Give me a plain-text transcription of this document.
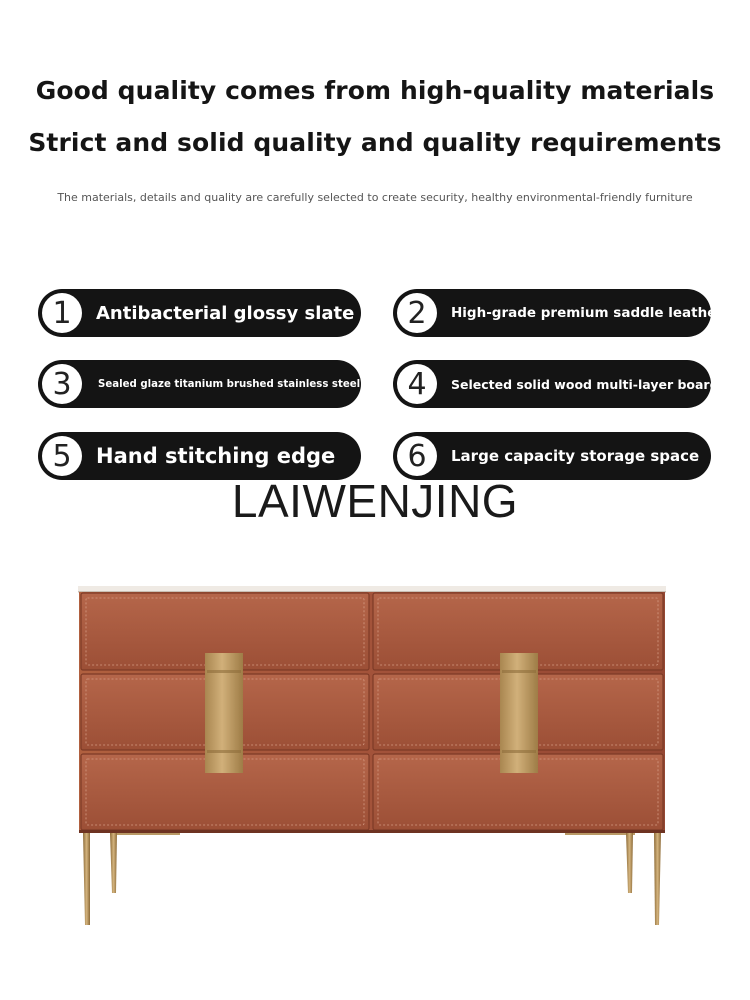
Good quality comes from high-quality materials
Strict and solid quality and quality requirements
The materials, details and quality are carefully selected to create security, healthy environmental-friendly furniture
1	Antibacterial glossy slate	2	High-grade premium saddle leather
3	Sealed glaze titanium brushed stainless steel	4	Selected solid wood multi-layer board
5	Hand stitching edge	6	Large capacity storage space
LAIWENJING
